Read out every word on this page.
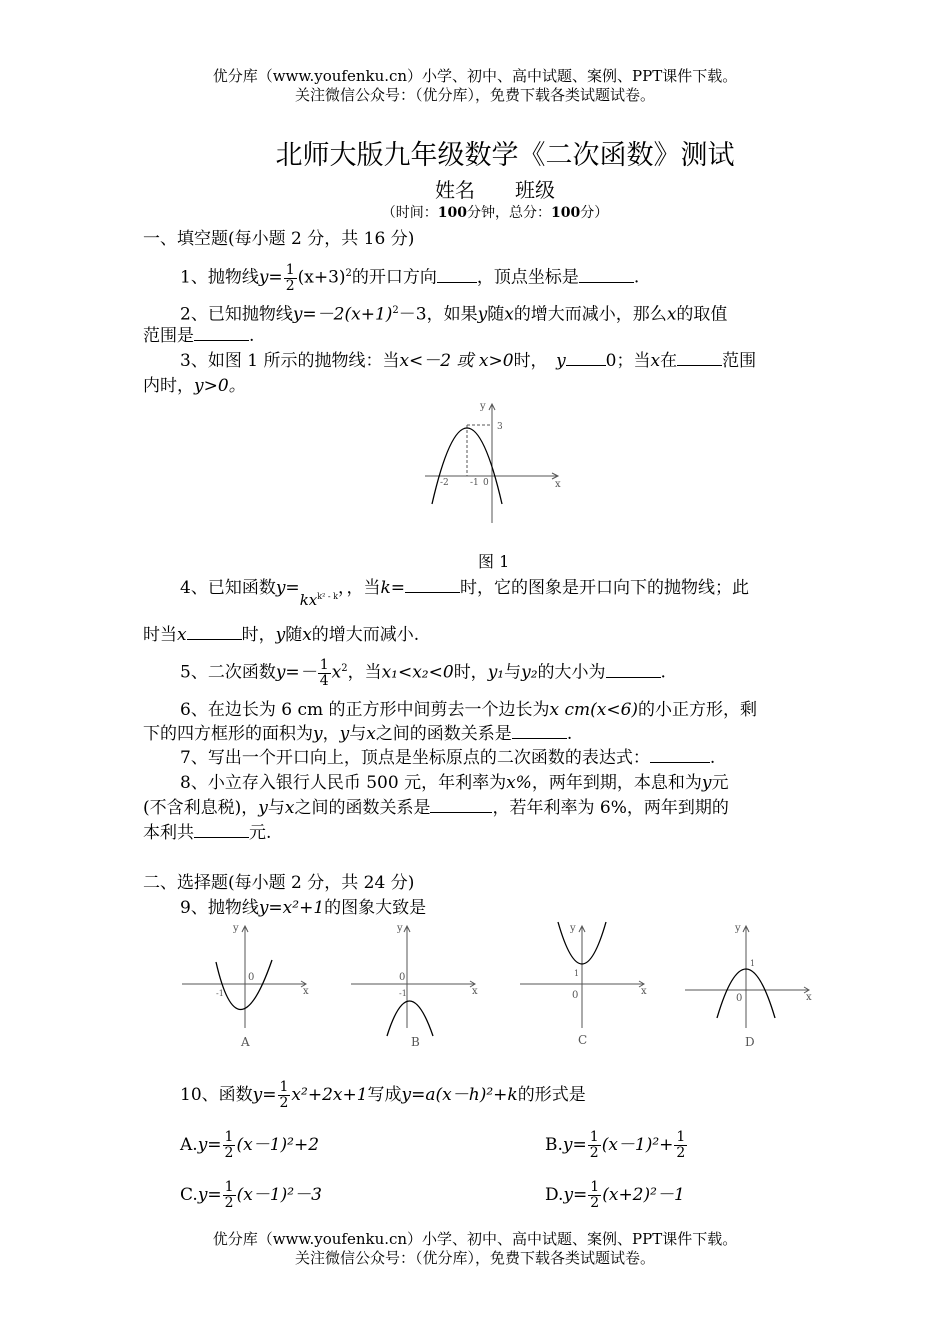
优分库（www.youfenku.cn）小学、初中、高中试题、案例、PPT课件下载。
关注微信公众号：（优分库），免费下载各类试题试卷。
北师大版九年级数学《二次函数》测试
姓名　　班级
（时间：100分钟，总分：100分）
一、填空题(每小题 2 分，共 16 分)
1、抛物线$y= \frac{1}{2} (x+3)^2$的开口方向 ，顶点坐标是	.
2、已知抛物线$y=-2(x+1)^2-3$，如果y随x的增大而减小，那么x的取值
范围是	.
3、如图 1 所示的抛物线：当x<－2 或 x>0时，　 y 0；当x在	范围
内时，y>0。
y
x
3
-2 -1 0
图 1
4、已知函数$y=kx^{k^2 - k}$，，当k=	时，它的图象是开口向下的抛物线；此
时当x	时，y随x的增大而减小.
5、二次函数$y=- \frac{1}{4} x^2$，当x₁<x₂<0时，y₁与y₂的大小为	.
6、在边长为 6 cm 的正方形中间剪去一个边长为x cm(x<6)的小正方形，剩
下的四方框形的面积为y，y与x之间的函数关系是	.
7、写出一个开口向上，顶点是坐标原点的二次函数的表达式：	.
8、小立存入银行人民币 500 元，年利率为x%，两年到期，本息和为y元
(不含利息税)，y与x之间的函数关系是	，若年利率为 6%，两年到期的
本利共	元.
二、选择题(每小题 2 分，共 24 分)
9、抛物线y=x²+1的图象大致是
y
x
0
-1
A
y
x
0
-1
B
y
x
0
1
C
y
x
0
1
D
10、函数$y= \frac{1}{2} x^2+2x+1$写成y=a(x－h)²+k的形式是
$A.y= \frac{1}{2} (x-1)^2+2$	$B.y= \frac{1}{2} (x-1)^2+ \frac{1}{2}$
$C.y= \frac{1}{2} (x-1)^2-3$	$D.y= \frac{1}{2} (x+2)^2-1$
优分库（www.youfenku.cn）小学、初中、高中试题、案例、PPT课件下载。
关注微信公众号：（优分库），免费下载各类试题试卷。
